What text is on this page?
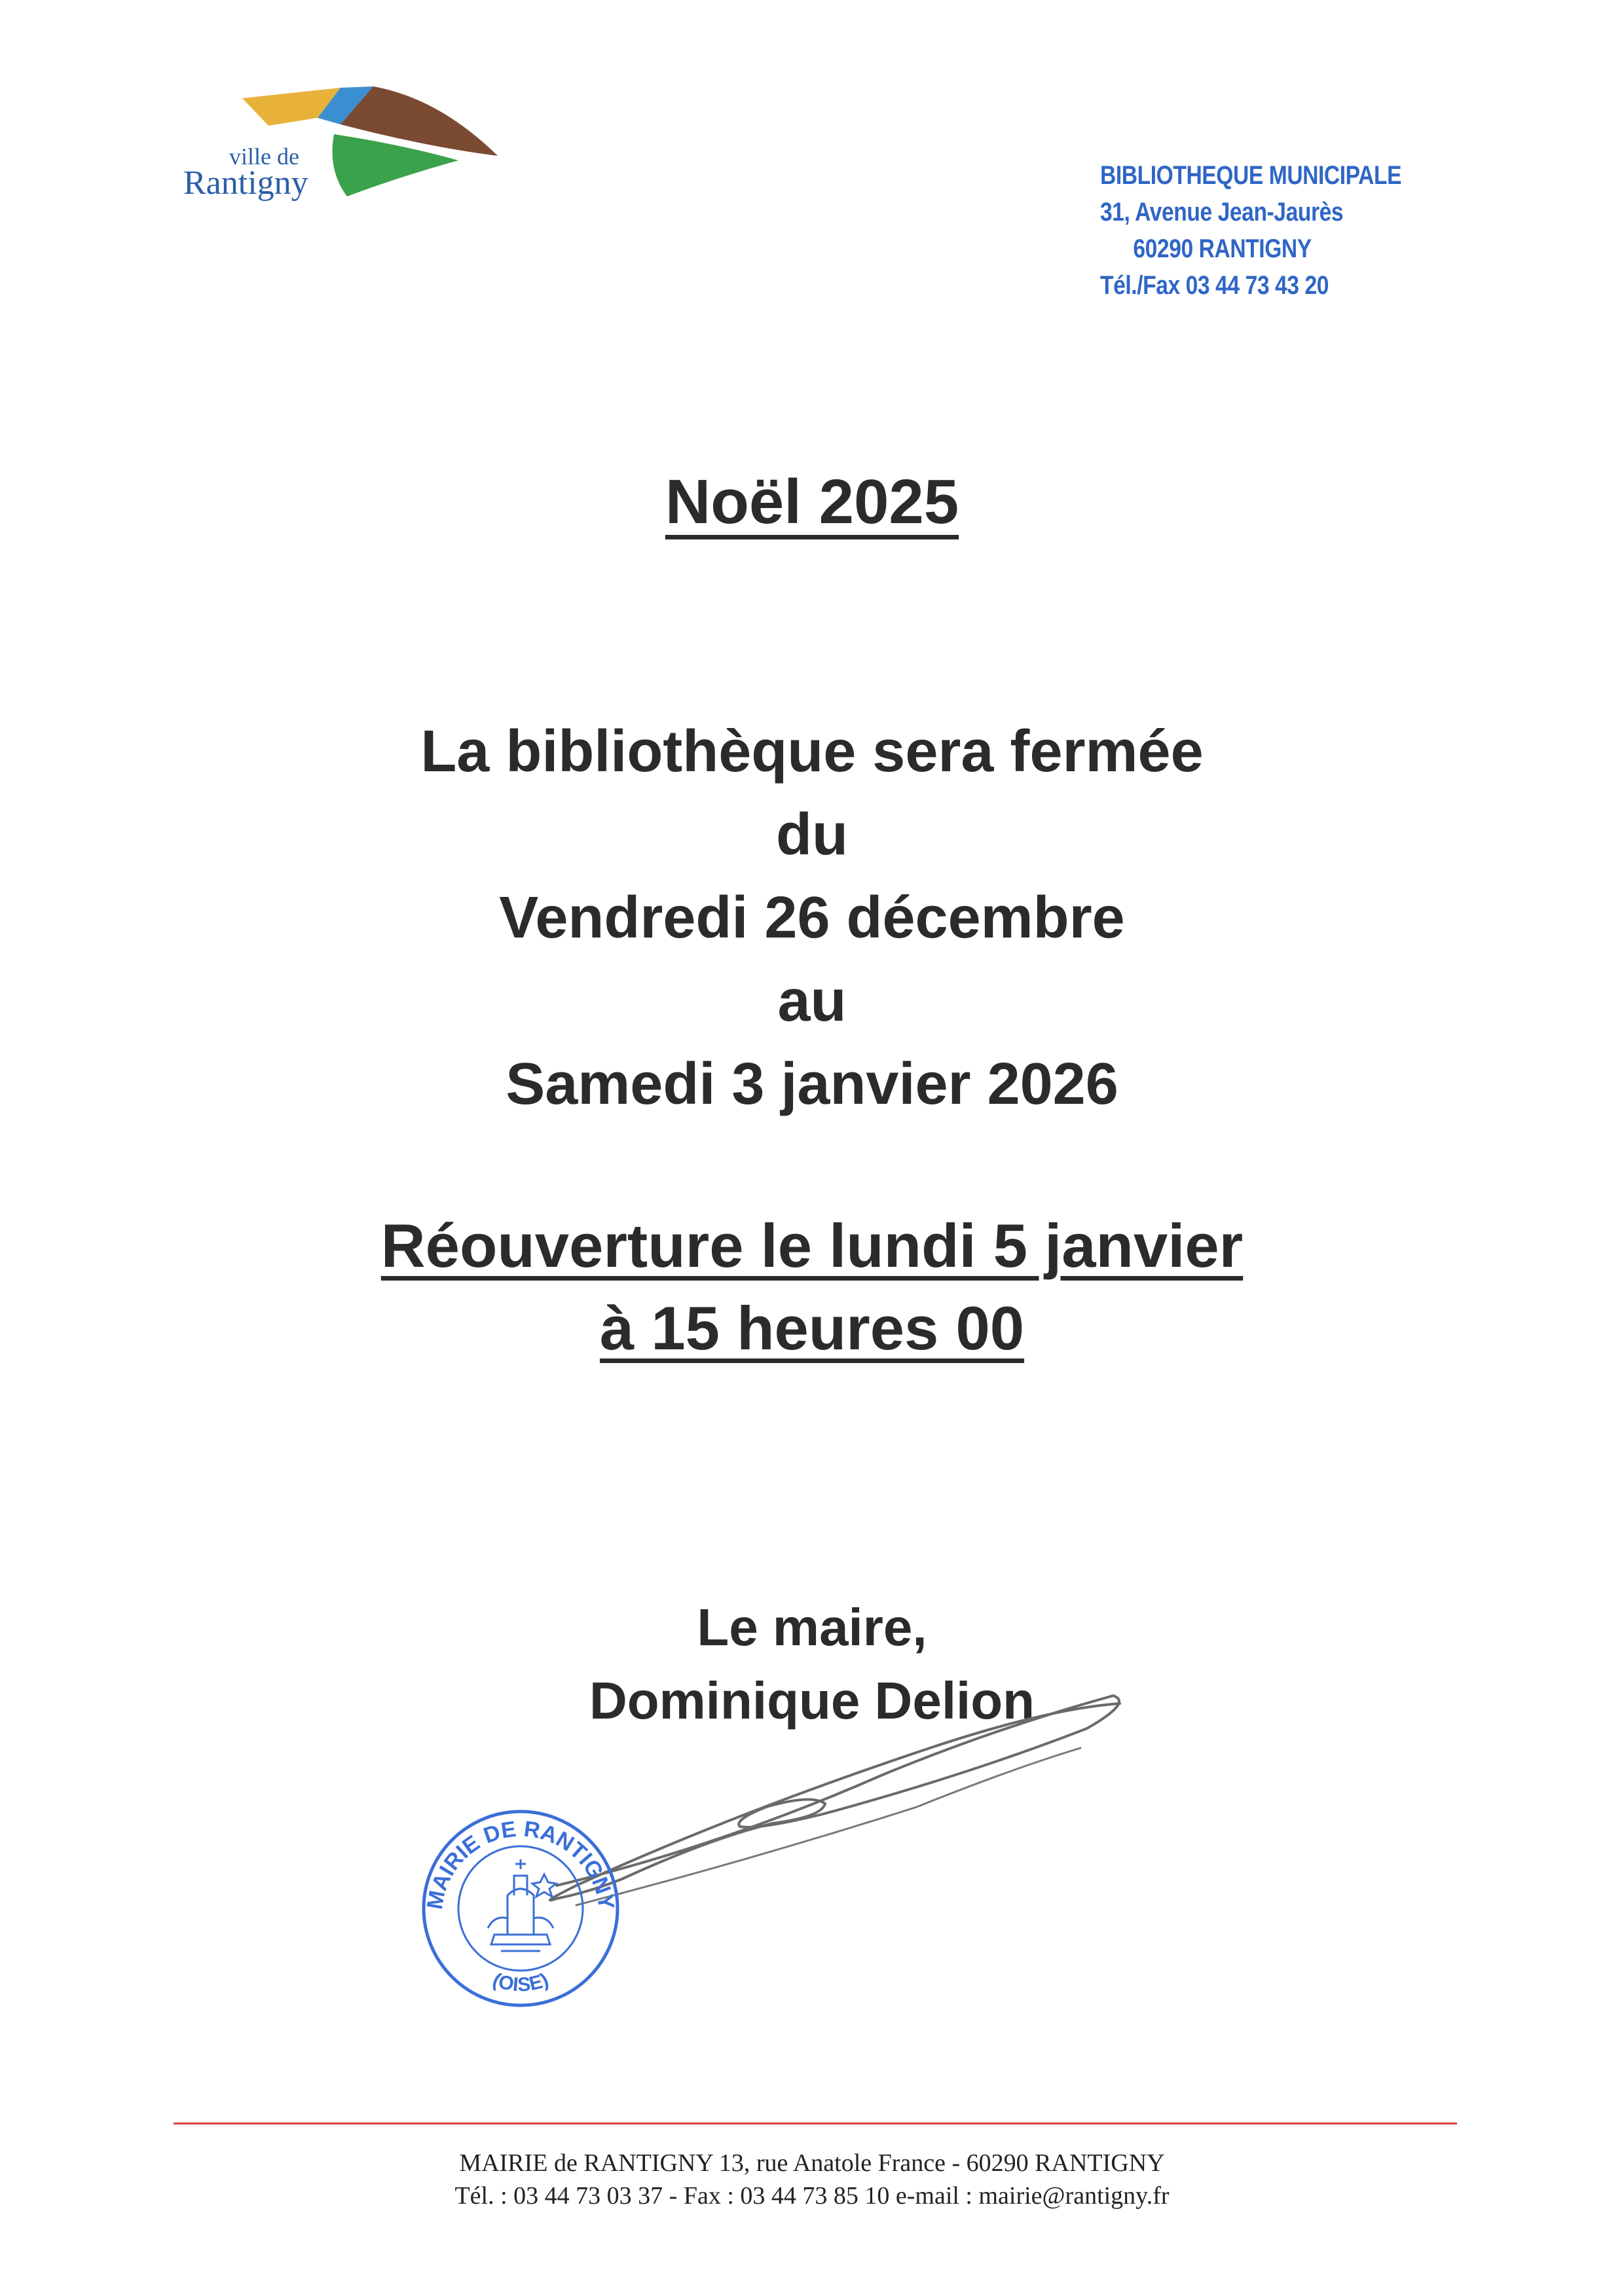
ville de
Rantigny	BIBLIOTHEQUE MUNICIPALE
31, Avenue Jean-Jaurès
60290 RANTIGNY
Tél./Fax 03 44 73 43 20
Noël 2025
La bibliothèque sera fermée
du
Vendredi 26 décembre
au
Samedi 3 janvier 2026
Réouverture le lundi 5 janvier
à 15 heures 00
Le maire,
Dominique Delion
MAIRIE DE RANTIGNY
(OISE)
MAIRIE de RANTIGNY 13, rue Anatole France - 60290 RANTIGNY
Tél. : 03 44 73 03 37 - Fax : 03 44 73 85 10 e-mail : mairie@rantigny.fr
